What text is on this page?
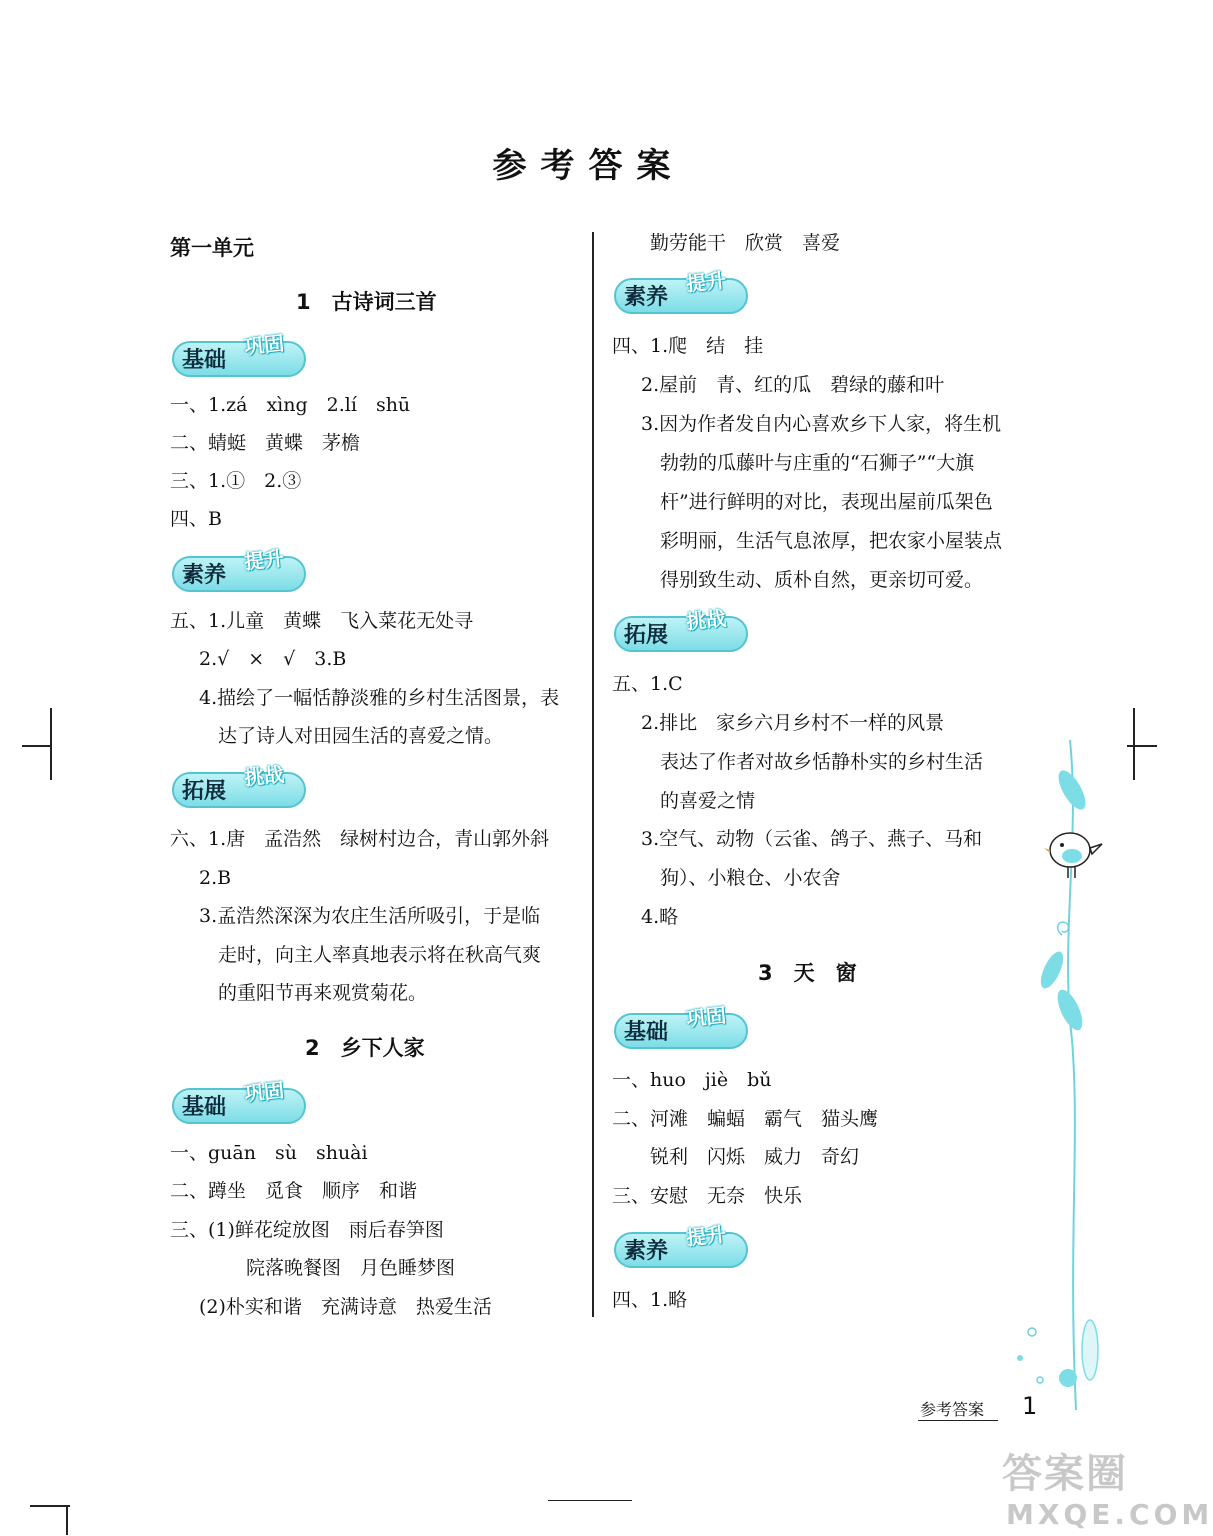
参考答案
第一单元
1　古诗词三首
基础
巩固
一、1.zá　xìng　2.lí　shū
二、蜻蜓　黄蝶　茅檐
三、1.①　2.③
四、B
素养
提升
五、1.儿童　黄蝶　飞入菜花无处寻
　2.√　×　√　3.B
　4.描绘了一幅恬静淡雅的乡村生活图景，表
　　达了诗人对田园生活的喜爱之情。
拓展
挑战
六、1.唐　孟浩然　绿树村边合，青山郭外斜
　2.B
　3.孟浩然深深为农庄生活所吸引，于是临
　　走时，向主人率真地表示将在秋高气爽
　　的重阳节再来观赏菊花。
2　乡下人家
基础
巩固
一、guān　sù　shuài
二、蹲坐　觅食　顺序　和谐
三、(1)鲜花绽放图　雨后春笋图
　　　　院落晚餐图　月色睡梦图
　(2)朴实和谐　充满诗意　热爱生活
　　勤劳能干　欣赏　喜爱
素养
提升
四、1.爬　结　挂
　2.屋前　青、红的瓜　碧绿的藤和叶
　3.因为作者发自内心喜欢乡下人家，将生机
　　勃勃的瓜藤叶与庄重的“石狮子”“大旗
　　杆”进行鲜明的对比，表现出屋前瓜架色
　　彩明丽，生活气息浓厚，把农家小屋装点
　　得别致生动、质朴自然，更亲切可爱。
拓展
挑战
五、1.C
　2.排比　家乡六月乡村不一样的风景
　　表达了作者对故乡恬静朴实的乡村生活
　　的喜爱之情
　3.空气、动物（云雀、鸽子、燕子、马和
　　狗）、小粮仓、小农舍
　4.略
3　天　窗
基础
巩固
一、huo　jiè　bǔ
二、河滩　蝙蝠　霸气　猫头鹰
　　锐利　闪烁　威力　奇幻
三、安慰　无奈　快乐
素养
提升
四、1.略
参考答案 1
答案圈
MXQE.COM
